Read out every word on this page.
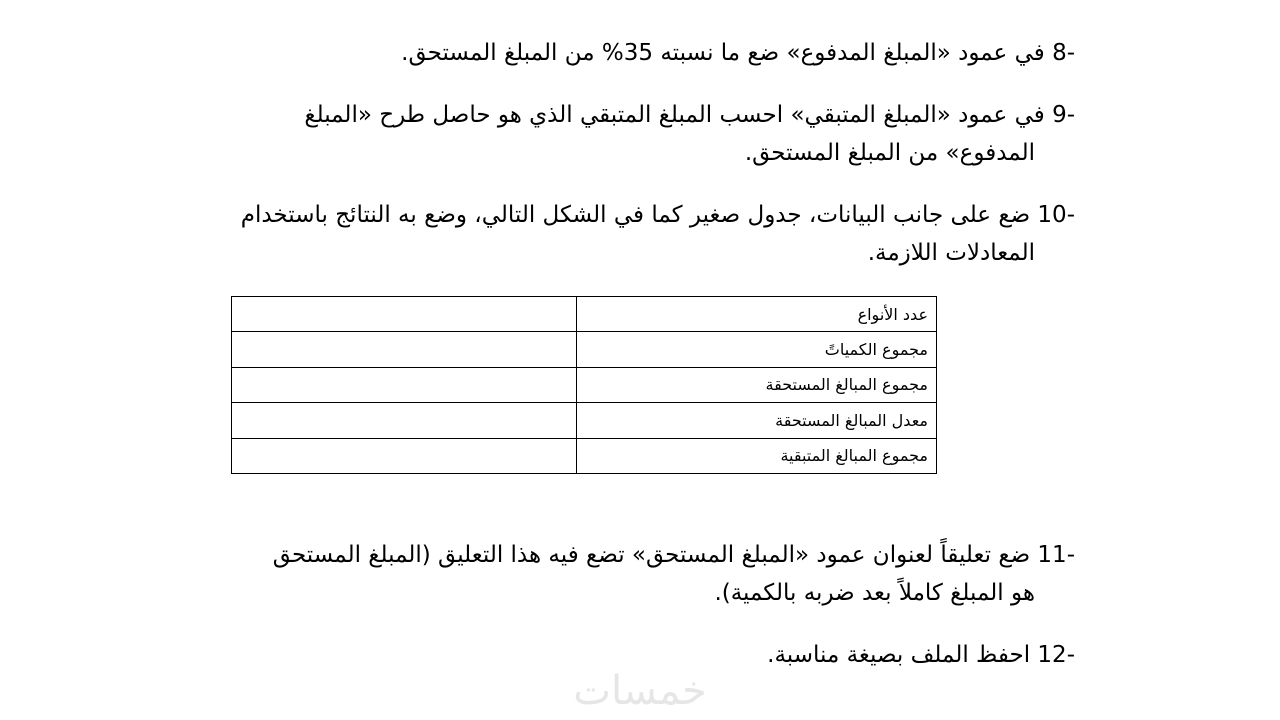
8- في عمود «المبلغ المدفوع» ضع ما نسبته 35% من المبلغ المستحق.
9- في عمود «المبلغ المتبقي» احسب المبلغ المتبقي الذي هو حاصل طرح «المبلغ
المدفوع» من المبلغ المستحق.
10- ضع على جانب البيانات، جدول صغير كما في الشكل التالي، وضع به النتائج باستخدام
المعادلات اللازمة.
عدد الأنواع	
مجموع الكمياتً	
مجموع المبالغ المستحقة	
معدل المبالغ المستحقة	
مجموع المبالغ المتبقية	
11- ضع تعليقاً لعنوان عمود «المبلغ المستحق» تضع فيه هذا التعليق (المبلغ المستحق
هو المبلغ كاملاً بعد ضربه بالكمية).
12- احفظ الملف بصيغة مناسبة.
خمسات
